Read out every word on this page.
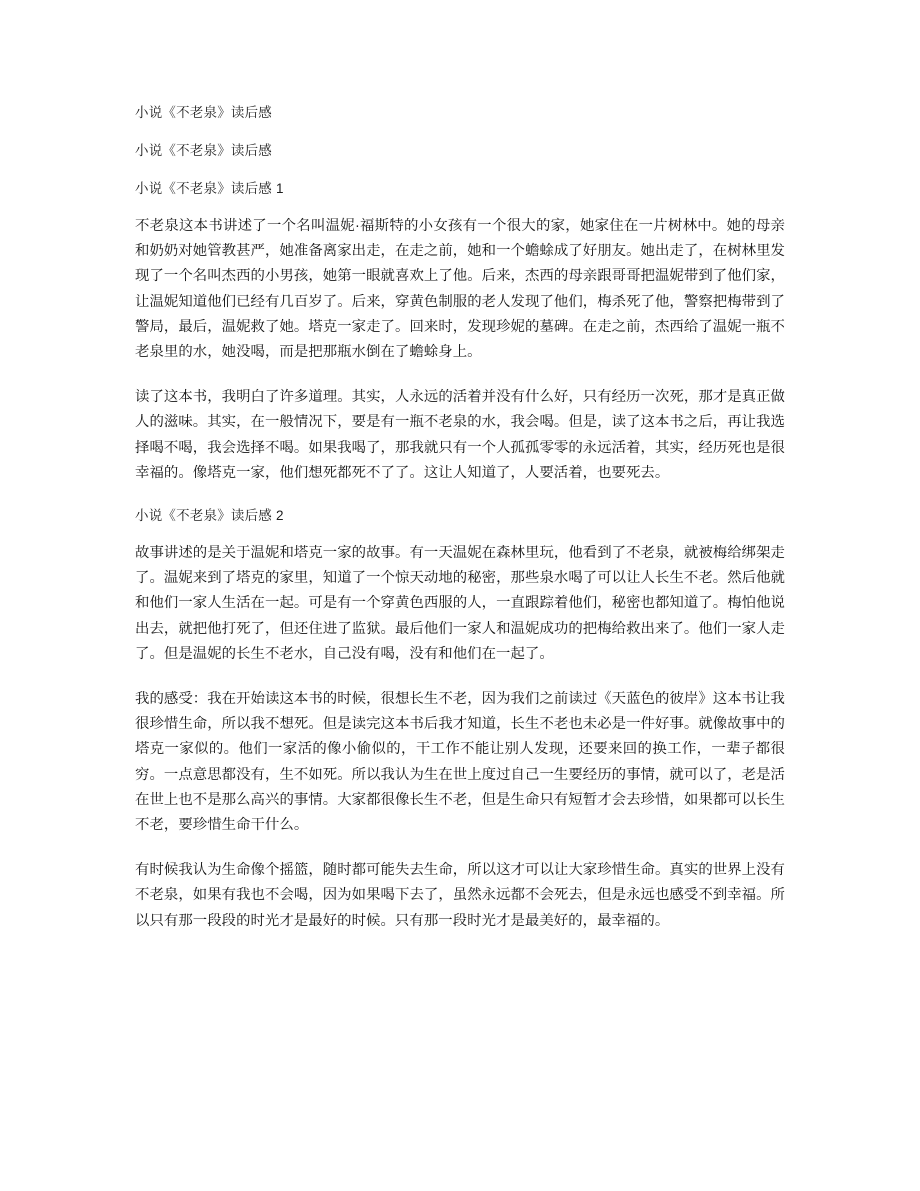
小说《不老泉》读后感
小说《不老泉》读后感
小说《不老泉》读后感 1

不老泉这本书讲述了一个名叫温妮·福斯特的小女孩有一个很大的家，她家住在一片树林中。她的母亲和奶奶对她管教甚严，她准备离家出走，在走之前，她和一个蟾蜍成了好朋友。她出走了，在树林里发现了一个名叫杰西的小男孩，她第一眼就喜欢上了他。后来，杰西的母亲跟哥哥把温妮带到了他们家，让温妮知道他们已经有几百岁了。后来，穿黄色制服的老人发现了他们，梅杀死了他，警察把梅带到了警局，最后，温妮救了她。塔克一家走了。回来时，发现珍妮的墓碑。在走之前，杰西给了温妮一瓶不老泉里的水，她没喝，而是把那瓶水倒在了蟾蜍身上。

读了这本书，我明白了许多道理。其实，人永远的活着并没有什么好，只有经历一次死，那才是真正做人的滋味。其实，在一般情况下，要是有一瓶不老泉的水，我会喝。但是，读了这本书之后，再让我选择喝不喝，我会选择不喝。如果我喝了，那我就只有一个人孤孤零零的永远活着，其实，经历死也是很幸福的。像塔克一家，他们想死都死不了了。这让人知道了，人要活着，也要死去。

小说《不老泉》读后感 2

故事讲述的是关于温妮和塔克一家的故事。有一天温妮在森林里玩，他看到了不老泉，就被梅给绑架走了。温妮来到了塔克的家里，知道了一个惊天动地的秘密，那些泉水喝了可以让人长生不老。然后他就和他们一家人生活在一起。可是有一个穿黄色西服的人，一直跟踪着他们，秘密也都知道了。梅怕他说出去，就把他打死了，但还住进了监狱。最后他们一家人和温妮成功的把梅给救出来了。他们一家人走了。但是温妮的长生不老水，自己没有喝，没有和他们在一起了。

我的感受：我在开始读这本书的时候，很想长生不老，因为我们之前读过《天蓝色的彼岸》这本书让我很珍惜生命，所以我不想死。但是读完这本书后我才知道，长生不老也未必是一件好事。就像故事中的塔克一家似的。他们一家活的像小偷似的，干工作不能让别人发现，还要来回的换工作，一辈子都很穷。一点意思都没有，生不如死。所以我认为生在世上度过自己一生要经历的事情，就可以了，老是活在世上也不是那么高兴的事情。大家都很像长生不老，但是生命只有短暂才会去珍惜，如果都可以长生不老，要珍惜生命干什么。

有时候我认为生命像个摇篮，随时都可能失去生命，所以这才可以让大家珍惜生命。真实的世界上没有不老泉，如果有我也不会喝，因为如果喝下去了，虽然永远都不会死去，但是永远也感受不到幸福。所以只有那一段段的时光才是最好的时候。只有那一段时光才是最美好的，最幸福的。
